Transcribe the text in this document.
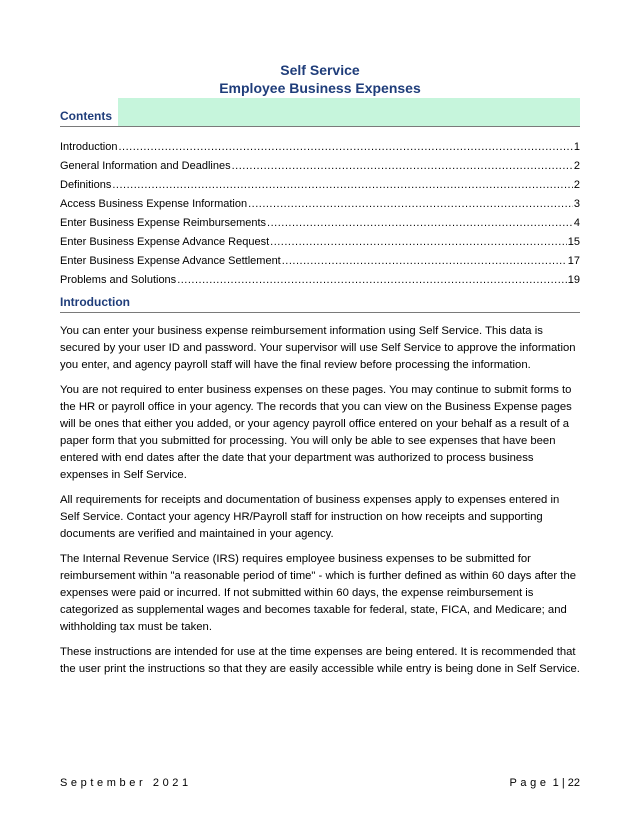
Self Service
Employee Business Expenses
Contents
Introduction .....	1
General Information and Deadlines .....	2
Definitions .....	2
Access Business Expense Information .....	3
Enter Business Expense Reimbursements .....	4
Enter Business Expense Advance Request .....	15
Enter Business Expense Advance Settlement .....	17
Problems and Solutions .....	19
Introduction

You can enter your business expense reimbursement information using Self Service. This data is secured by your user ID and password. Your supervisor will use Self Service to approve the information you enter, and agency payroll staff will have the final review before processing the information.

You are not required to enter business expenses on these pages. You may continue to submit forms to the HR or payroll office in your agency. The records that you can view on the Business Expense pages will be ones that either you added, or your agency payroll office entered on your behalf as a result of a paper form that you submitted for processing. You will only be able to see expenses that have been entered with end dates after the date that your department was authorized to process business expenses in Self Service.

All requirements for receipts and documentation of business expenses apply to expenses entered in Self Service. Contact your agency HR/Payroll staff for instruction on how receipts and supporting documents are verified and maintained in your agency.

The Internal Revenue Service (IRS) requires employee business expenses to be submitted for reimbursement within "a reasonable period of time" - which is further defined as within 60 days after the expenses were paid or incurred. If not submitted within 60 days, the expense reimbursement is categorized as supplemental wages and becomes taxable for federal, state, FICA, and Medicare; and withholding tax must be taken.

These instructions are intended for use at the time expenses are being entered. It is recommended that the user print the instructions so that they are easily accessible while entry is being done in Self Service.

September 2021	Page 1 | 22
